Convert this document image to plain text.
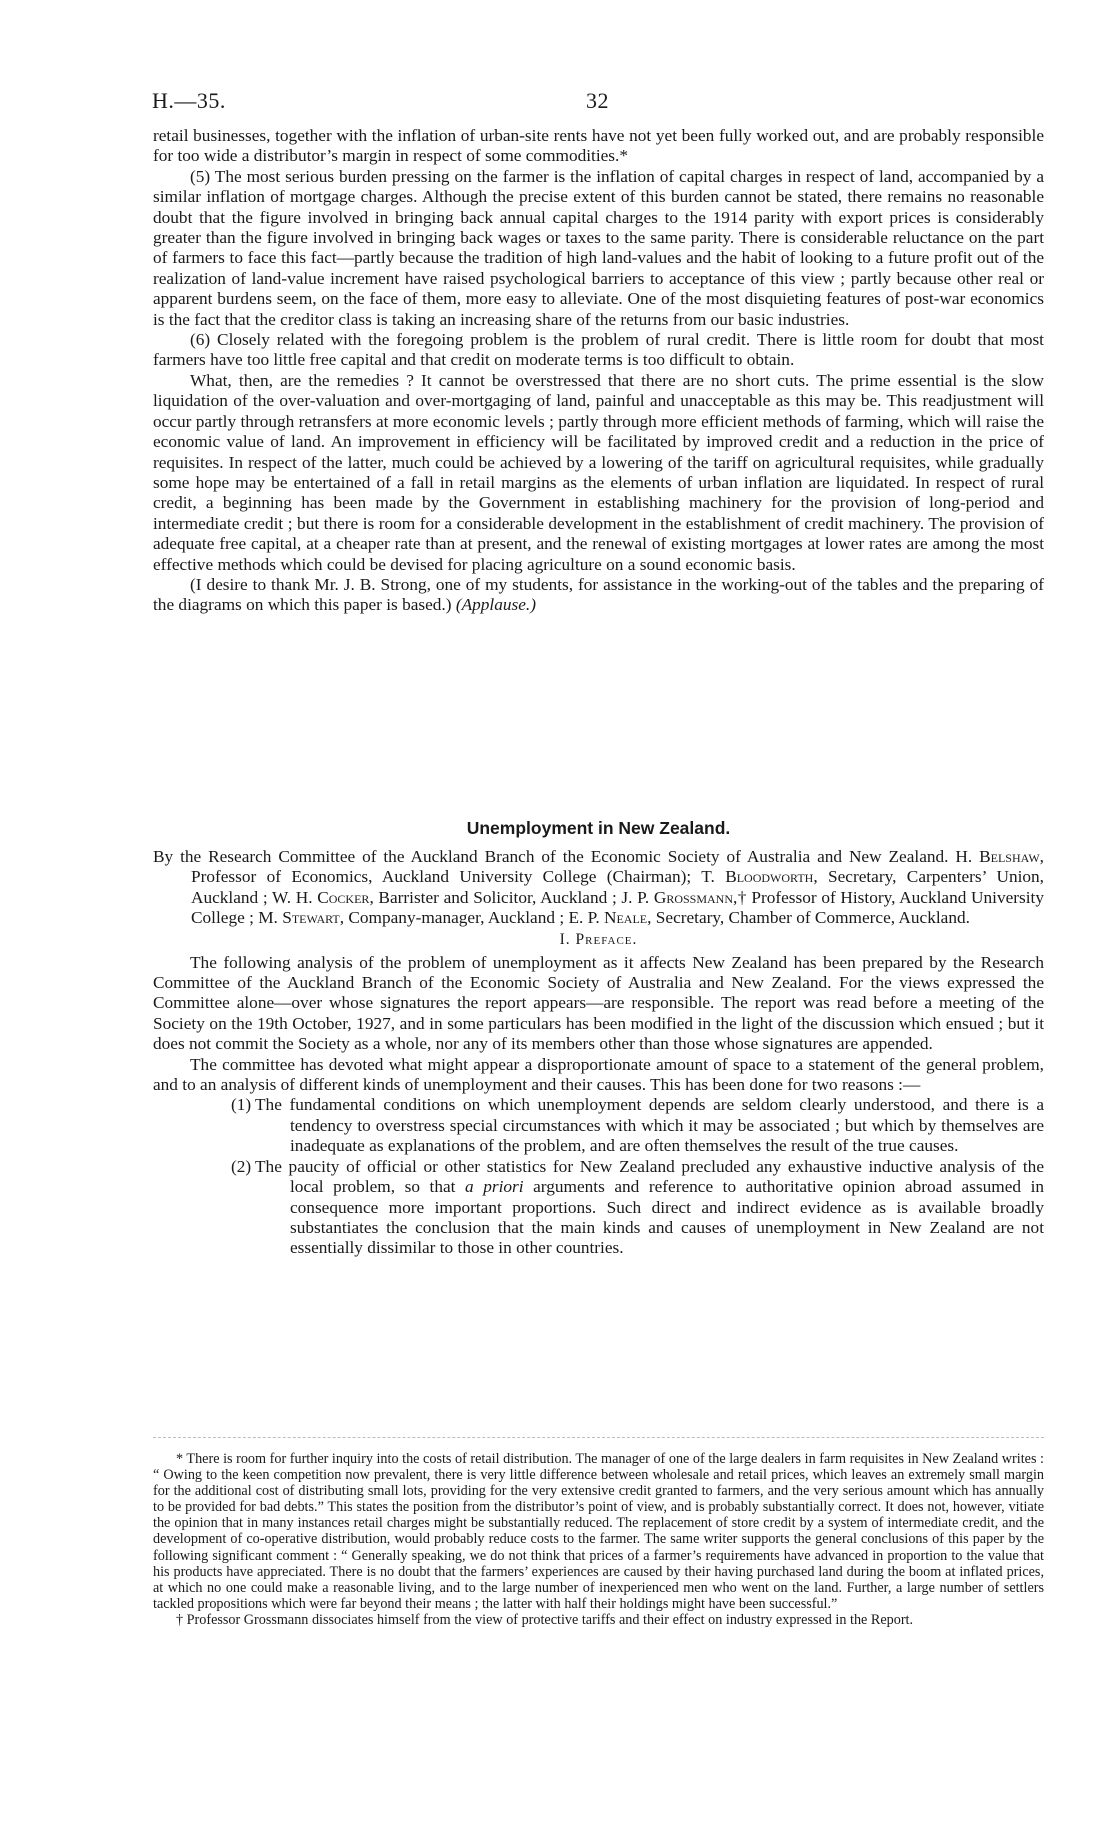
H.—35.	32

retail businesses, together with the inflation of urban-site rents have not yet been fully worked out, and are probably responsible for too wide a distributor’s margin in respect of some commodities.*

(5) The most serious burden pressing on the farmer is the inflation of capital charges in respect of land, accompanied by a similar inflation of mortgage charges. Although the precise extent of this burden cannot be stated, there remains no reasonable doubt that the figure involved in bringing back annual capital charges to the 1914 parity with export prices is considerably greater than the figure involved in bringing back wages or taxes to the same parity. There is considerable reluctance on the part of farmers to face this fact—partly because the tradition of high land-values and the habit of looking to a future profit out of the realization of land-value increment have raised psychological barriers to acceptance of this view ; partly because other real or apparent burdens seem, on the face of them, more easy to alleviate. One of the most disquieting features of post-war economics is the fact that the creditor class is taking an increasing share of the returns from our basic industries.

(6) Closely related with the foregoing problem is the problem of rural credit. There is little room for doubt that most farmers have too little free capital and that credit on moderate terms is too difficult to obtain.

What, then, are the remedies ? It cannot be overstressed that there are no short cuts. The prime essential is the slow liquidation of the over-valuation and over-mortgaging of land, painful and unacceptable as this may be. This readjustment will occur partly through retransfers at more economic levels ; partly through more efficient methods of farming, which will raise the economic value of land. An improvement in efficiency will be facilitated by improved credit and a reduction in the price of requisites. In respect of the latter, much could be achieved by a lowering of the tariff on agricultural requisites, while gradually some hope may be entertained of a fall in retail margins as the elements of urban inflation are liquidated. In respect of rural credit, a beginning has been made by the Government in establishing machinery for the provision of long-period and intermediate credit ; but there is room for a considerable development in the establishment of credit machinery. The provision of adequate free capital, at a cheaper rate than at present, and the renewal of existing mortgages at lower rates are among the most effective methods which could be devised for placing agriculture on a sound economic basis.

(I desire to thank Mr. J. B. Strong, one of my students, for assistance in the working-out of the tables and the preparing of the diagrams on which this paper is based.) (Applause.)

Unemployment in New Zealand.

By the Research Committee of the Auckland Branch of the Economic Society of Australia and New Zealand. H. Belshaw, Professor of Economics, Auckland University College (Chairman); T. Bloodworth, Secretary, Carpenters’ Union, Auckland ; W. H. Cocker, Barrister and Solicitor, Auckland ; J. P. Grossmann,† Professor of History, Auckland University College ; M. Stewart, Company-manager, Auckland ; E. P. Neale, Secretary, Chamber of Commerce, Auckland.

I. Preface.

The following analysis of the problem of unemployment as it affects New Zealand has been prepared by the Research Committee of the Auckland Branch of the Economic Society of Australia and New Zealand. For the views expressed the Committee alone—over whose signatures the report appears—are responsible. The report was read before a meeting of the Society on the 19th October, 1927, and in some particulars has been modified in the light of the discussion which ensued ; but it does not commit the Society as a whole, nor any of its members other than those whose signatures are appended.

The committee has devoted what might appear a disproportionate amount of space to a statement of the general problem, and to an analysis of different kinds of unemployment and their causes. This has been done for two reasons :—

(1) The fundamental conditions on which unemployment depends are seldom clearly understood, and there is a tendency to overstress special circumstances with which it may be associated ; but which by themselves are inadequate as explanations of the problem, and are often themselves the result of the true causes.

(2) The paucity of official or other statistics for New Zealand precluded any exhaustive inductive analysis of the local problem, so that a priori arguments and reference to authoritative opinion abroad assumed in consequence more important proportions. Such direct and indirect evidence as is available broadly substantiates the conclusion that the main kinds and causes of unemployment in New Zealand are not essentially dissimilar to those in other countries.

* There is room for further inquiry into the costs of retail distribution. The manager of one of the large dealers in farm requisites in New Zealand writes : “ Owing to the keen competition now prevalent, there is very little difference between wholesale and retail prices, which leaves an extremely small margin for the additional cost of distributing small lots, providing for the very extensive credit granted to farmers, and the very serious amount which has annually to be provided for bad debts.” This states the position from the distributor’s point of view, and is probably substantially correct. It does not, however, vitiate the opinion that in many instances retail charges might be substantially reduced. The replacement of store credit by a system of intermediate credit, and the development of co-operative distribution, would probably reduce costs to the farmer. The same writer supports the general conclusions of this paper by the following significant comment : “ Generally speaking, we do not think that prices of a farmer’s requirements have advanced in proportion to the value that his products have appreciated. There is no doubt that the farmers’ experiences are caused by their having purchased land during the boom at inflated prices, at which no one could make a reasonable living, and to the large number of inexperienced men who went on the land. Further, a large number of settlers tackled propositions which were far beyond their means ; the latter with half their holdings might have been successful.”

† Professor Grossmann dissociates himself from the view of protective tariffs and their effect on industry expressed in the Report.
